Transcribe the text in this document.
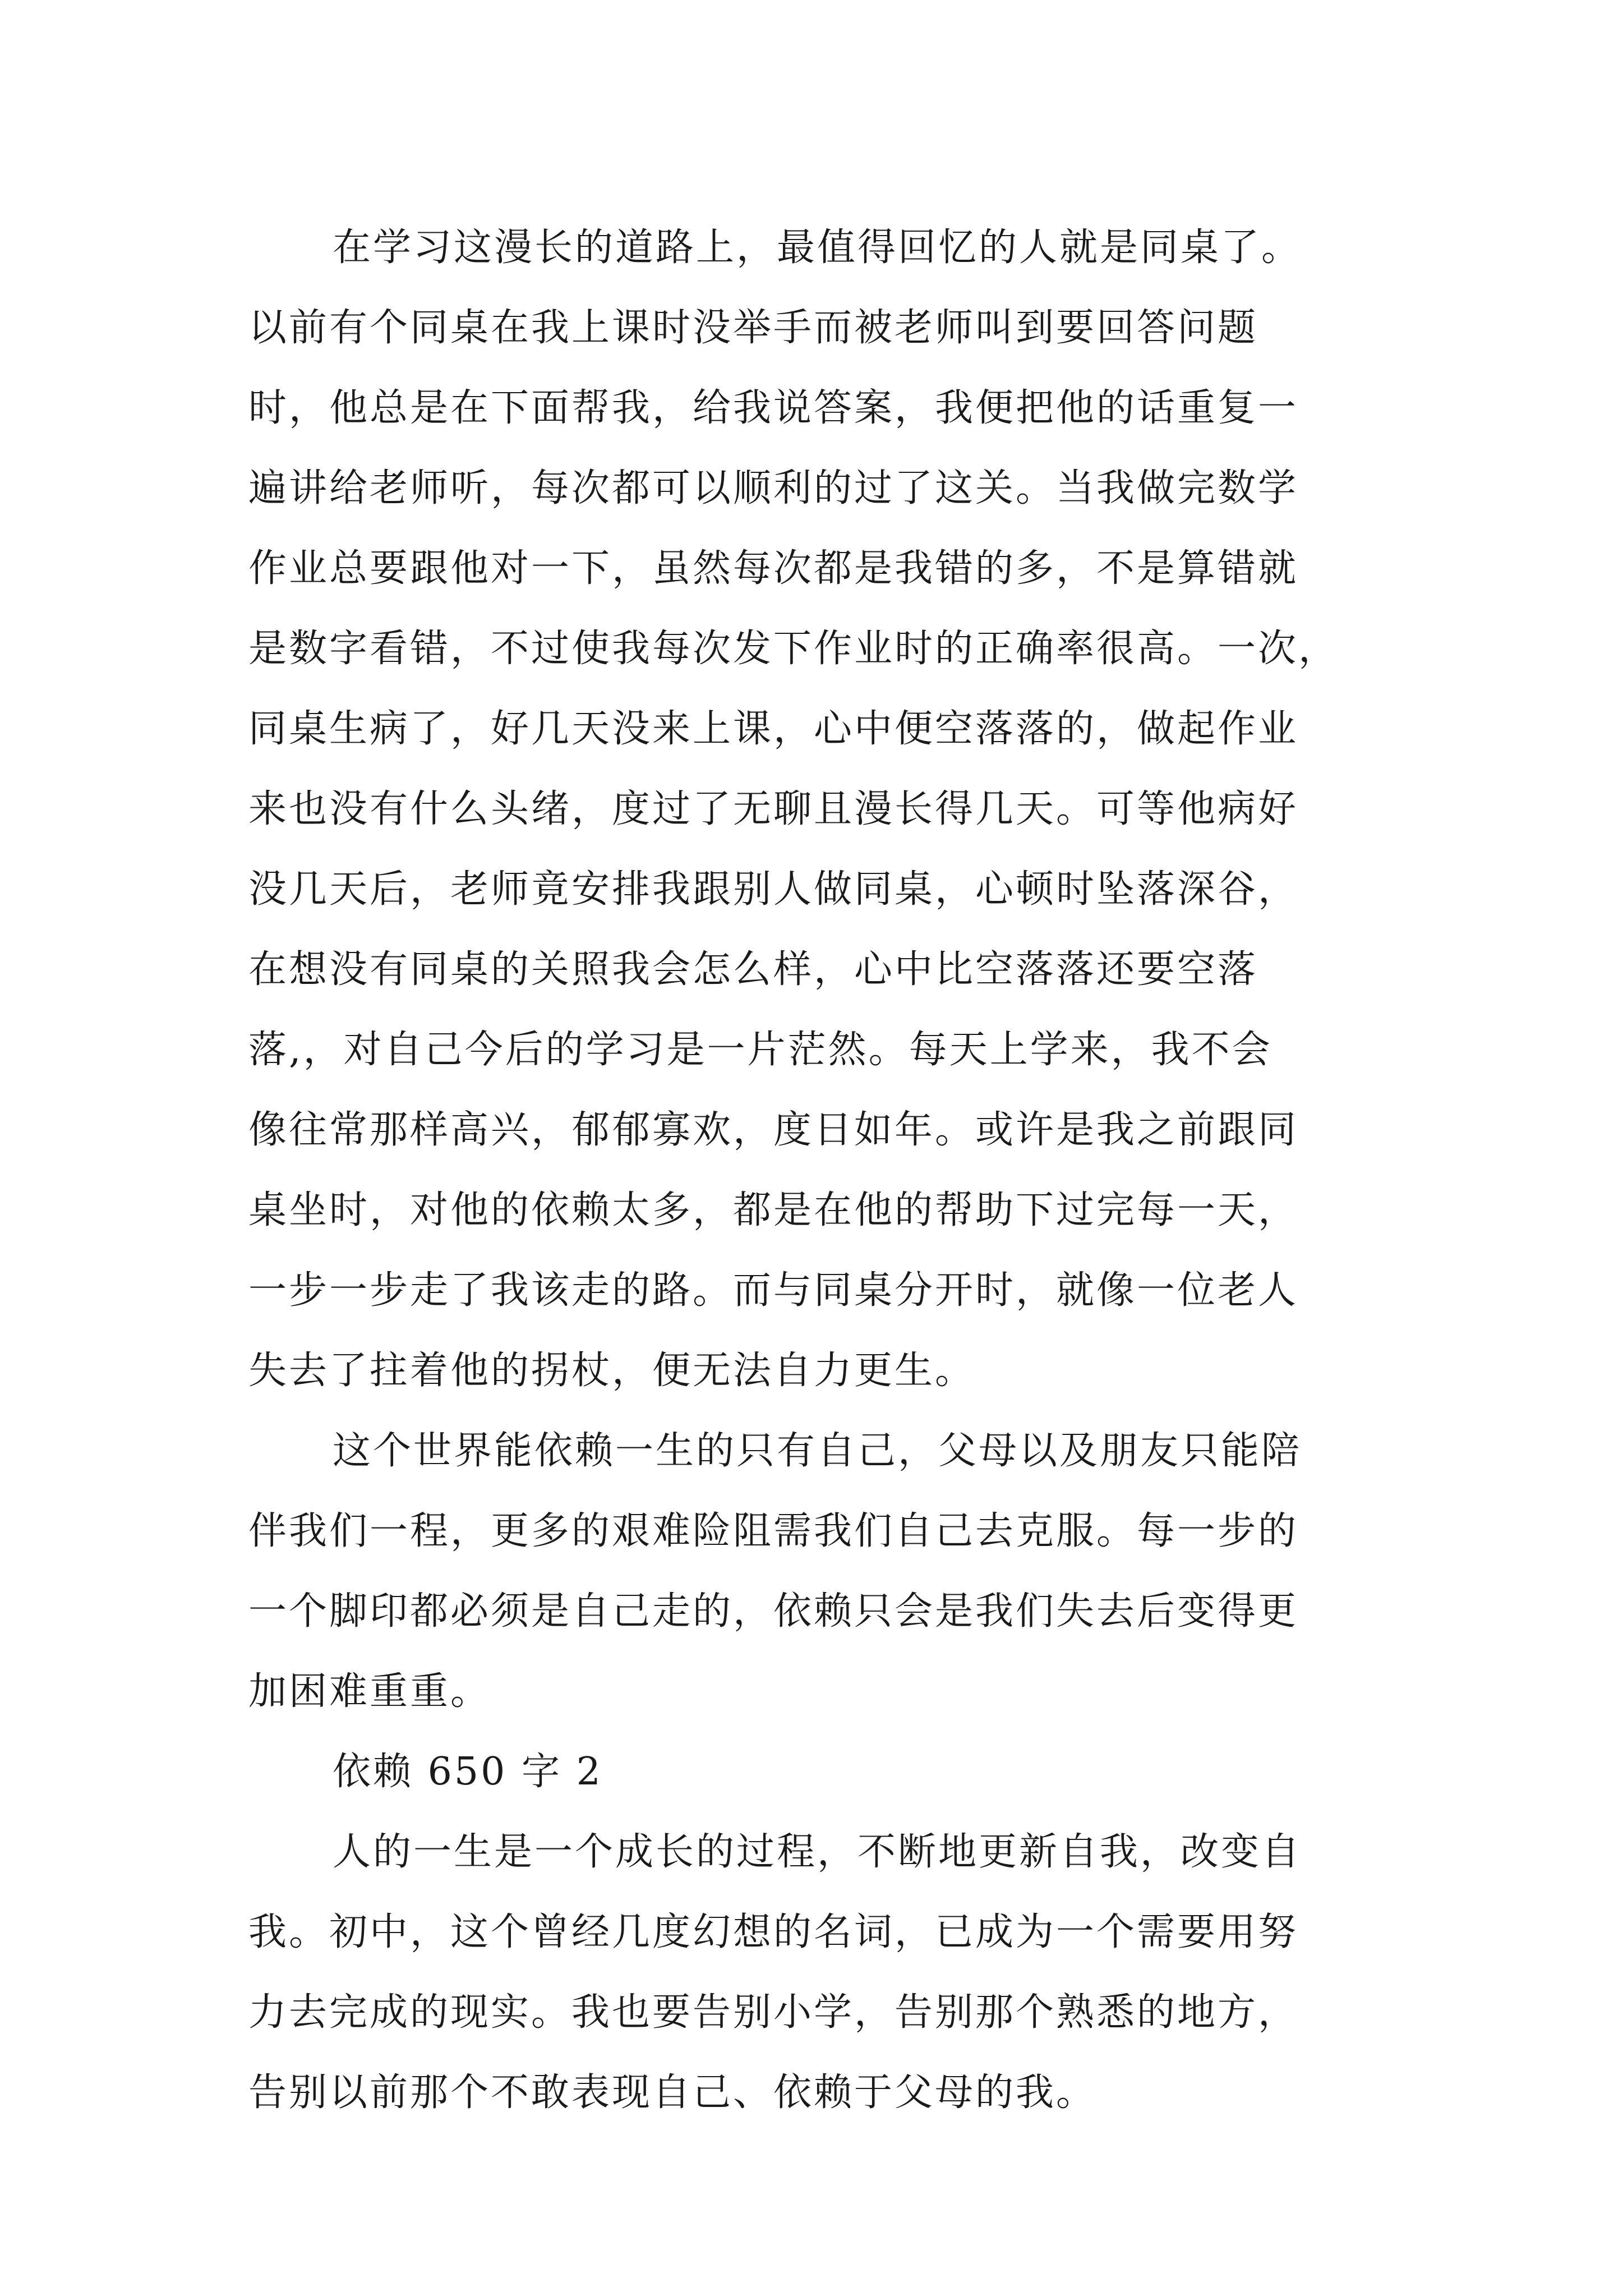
在学习这漫长的道路上，最值得回忆的人就是同桌了。
以前有个同桌在我上课时没举手而被老师叫到要回答问题
时，他总是在下面帮我，给我说答案，我便把他的话重复一
遍讲给老师听，每次都可以顺利的过了这关。当我做完数学
作业总要跟他对一下，虽然每次都是我错的多，不是算错就
是数字看错，不过使我每次发下作业时的正确率很高。一次，
同桌生病了，好几天没来上课，心中便空落落的，做起作业
来也没有什么头绪，度过了无聊且漫长得几天。可等他病好
没几天后，老师竟安排我跟别人做同桌，心顿时坠落深谷，
在想没有同桌的关照我会怎么样，心中比空落落还要空落
落,，对自己今后的学习是一片茫然。每天上学来，我不会
像往常那样高兴，郁郁寡欢，度日如年。或许是我之前跟同
桌坐时，对他的依赖太多，都是在他的帮助下过完每一天，
一步一步走了我该走的路。而与同桌分开时，就像一位老人
失去了拄着他的拐杖，便无法自力更生。

这个世界能依赖一生的只有自己，父母以及朋友只能陪
伴我们一程，更多的艰难险阻需我们自己去克服。每一步的
一个脚印都必须是自己走的，依赖只会是我们失去后变得更
加困难重重。

依赖 650 字 2

人的一生是一个成长的过程，不断地更新自我，改变自
我。初中，这个曾经几度幻想的名词，已成为一个需要用努
力去完成的现实。我也要告别小学，告别那个熟悉的地方，
告别以前那个不敢表现自己、依赖于父母的我。
